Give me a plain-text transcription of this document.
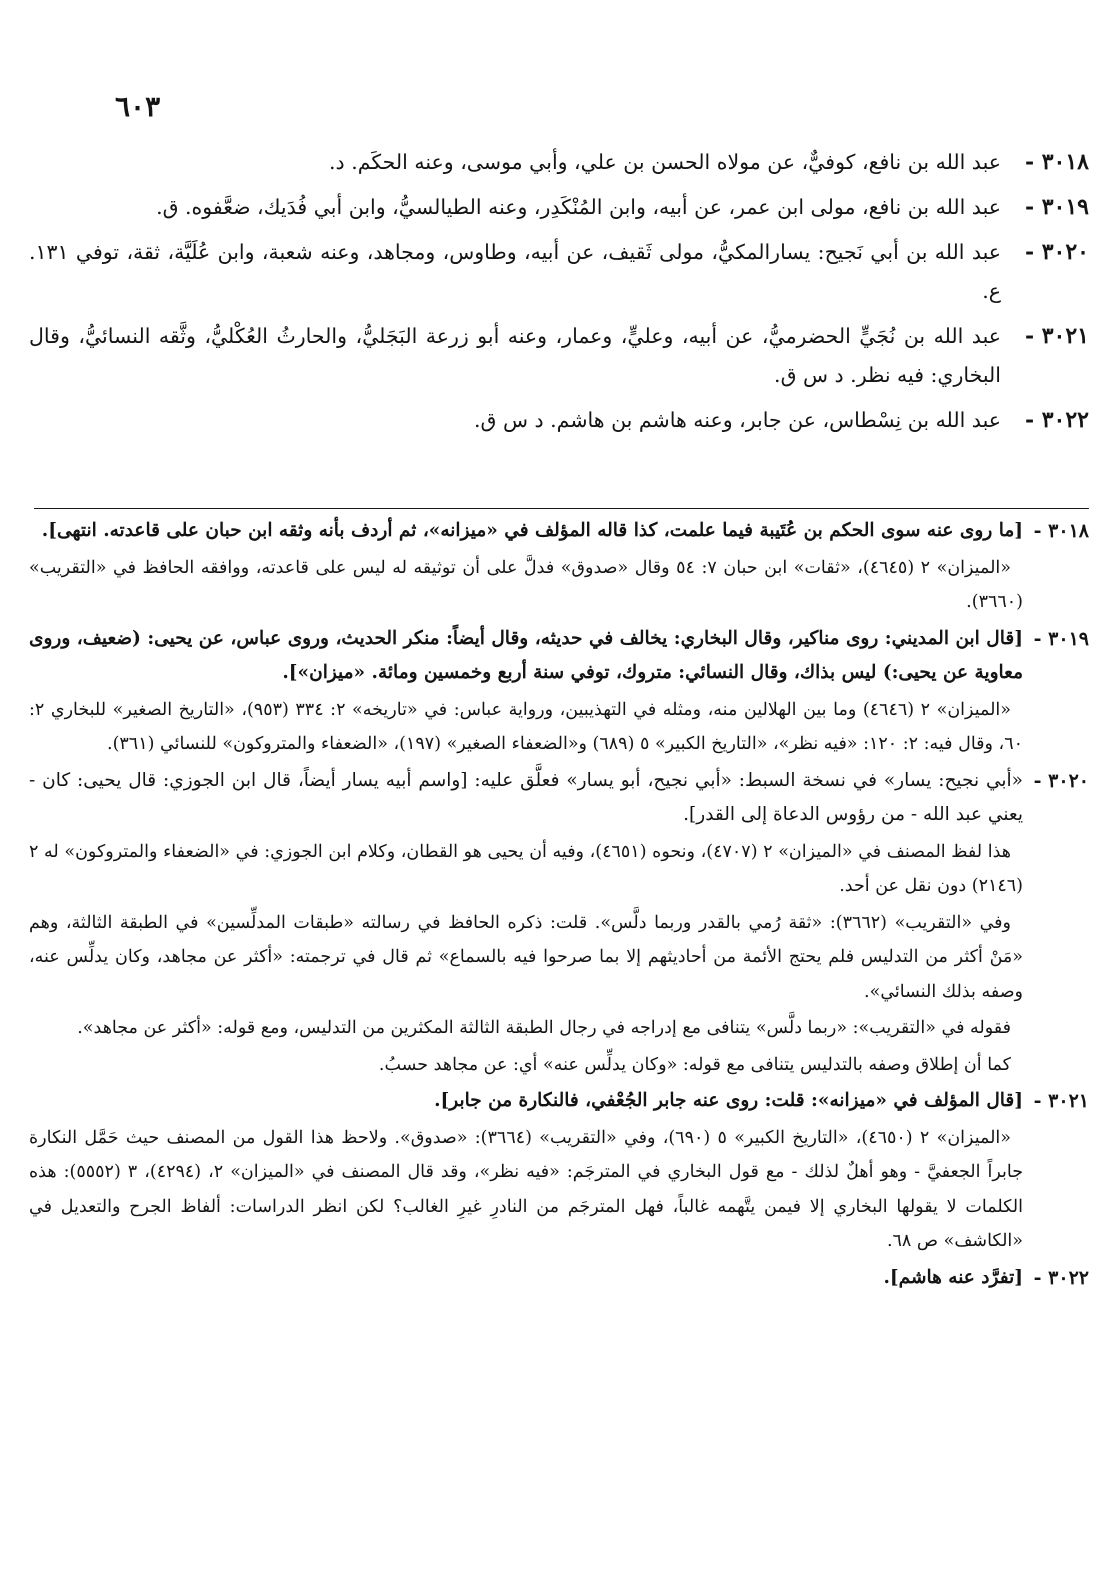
٦٠٣
٣٠١٨ -
عبد الله بن نافع، كوفيٌّ، عن مولاه الحسن بن علي، وأبي موسى، وعنه الحكَم. د.
٣٠١٩ -
عبد الله بن نافع، مولى ابن عمر، عن أبيه، وابن المُنْكَدِر، وعنه الطيالسيُّ، وابن أبي فُدَيك، ضعَّفوه. ق.
٣٠٢٠ -
عبد الله بن أبي نَجيح: يسارالمكيُّ، مولى ثَقيف، عن أبيه، وطاوس، ومجاهد، وعنه شعبة، وابن عُلَيَّة، ثقة، توفي ١٣١. ع.
٣٠٢١ -
عبد الله بن نُجَيٍّ الحضرميُّ، عن أبيه، وعليٍّ، وعمار، وعنه أبو زرعة البَجَليُّ، والحارثُ العُكْليُّ، وثَّقه النسائيُّ، وقال البخاري: فيه نظر. د س ق.
٣٠٢٢ -
عبد الله بن نِسْطاس، عن جابر، وعنه هاشم بن هاشم. د س ق.
٣٠١٨ -
[ما روى عنه سوى الحكم بن عُتَيبة فيما علمت، كذا قاله المؤلف في «ميزانه»، ثم أردف بأنه وثقه ابن حبان على قاعدته. انتهى].
«الميزان» ٢ (٤٦٤٥)، «ثقات» ابن حبان ٧: ٥٤ وقال «صدوق» فدلَّ على أن توثيقه له ليس على قاعدته، ووافقه الحافظ في «التقريب» (٣٦٦٠).
٣٠١٩ -
[قال ابن المديني: روى مناكير، وقال البخاري: يخالف في حديثه، وقال أيضاً: منكر الحديث، وروى عباس، عن يحيى: (ضعيف، وروى معاوية عن يحيى:) ليس بذاك، وقال النسائي: متروك، توفي سنة أربع وخمسين ومائة. «ميزان»].
«الميزان» ٢ (٤٦٤٦) وما بين الهلالين منه، ومثله في التهذيبين، ورواية عباس: في «تاريخه» ٢: ٣٣٤ (٩٥٣)، «التاريخ الصغير» للبخاري ٢: ٦٠، وقال فيه: ٢: ١٢٠: «فيه نظر»، «التاريخ الكبير» ٥ (٦٨٩) و«الضعفاء الصغير» (١٩٧)، «الضعفاء والمتروكون» للنسائي (٣٦١).
٣٠٢٠ -
«أبي نجيح: يسار» في نسخة السبط: «أبي نجيح، أبو يسار» فعلَّق عليه: [واسم أبيه يسار أيضاً، قال ابن الجوزي: قال يحيى: كان - يعني عبد الله - من رؤوس الدعاة إلى القدر].
هذا لفظ المصنف في «الميزان» ٢ (٤٧٠٧)، ونحوه (٤٦٥١)، وفيه أن يحيى هو القطان، وكلام ابن الجوزي: في «الضعفاء والمتروكون» له ٢ (٢١٤٦) دون نقل عن أحد.
وفي «التقريب» (٣٦٦٢): «ثقة رُمي بالقدر وربما دلَّس». قلت: ذكره الحافظ في رسالته «طبقات المدلِّسين» في الطبقة الثالثة، وهم «مَنْ أكثر من التدليس فلم يحتج الأئمة من أحاديثهم إلا بما صرحوا فيه بالسماع» ثم قال في ترجمته: «أكثر عن مجاهد، وكان يدلِّس عنه، وصفه بذلك النسائي».
فقوله في «التقريب»: «ربما دلَّس» يتنافى مع إدراجه في رجال الطبقة الثالثة المكثرين من التدليس، ومع قوله: «أكثر عن مجاهد».
كما أن إطلاق وصفه بالتدليس يتنافى مع قوله: «وكان يدلِّس عنه» أي: عن مجاهد حسبُ.
٣٠٢١ -
[قال المؤلف في «ميزانه»: قلت: روى عنه جابر الجُعْفي، فالنكارة من جابر].
«الميزان» ٢ (٤٦٥٠)، «التاريخ الكبير» ٥ (٦٩٠)، وفي «التقريب» (٣٦٦٤): «صدوق». ولاحظ هذا القول من المصنف حيث حَمَّل النكارة جابراً الجعفيَّ - وهو أهلٌ لذلك - مع قول البخاري في المترجَم: «فيه نظر»، وقد قال المصنف في «الميزان» ٢، (٤٢٩٤)، ٣ (٥٥٥٢): هذه الكلمات لا يقولها البخاري إلا فيمن يتَّهمه غالباً، فهل المترجَم من النادرِ غيرِ الغالب؟ لكن انظر الدراسات: ألفاظ الجرح والتعديل في «الكاشف» ص ٦٨.
٣٠٢٢ -
[تفرَّد عنه هاشم].
